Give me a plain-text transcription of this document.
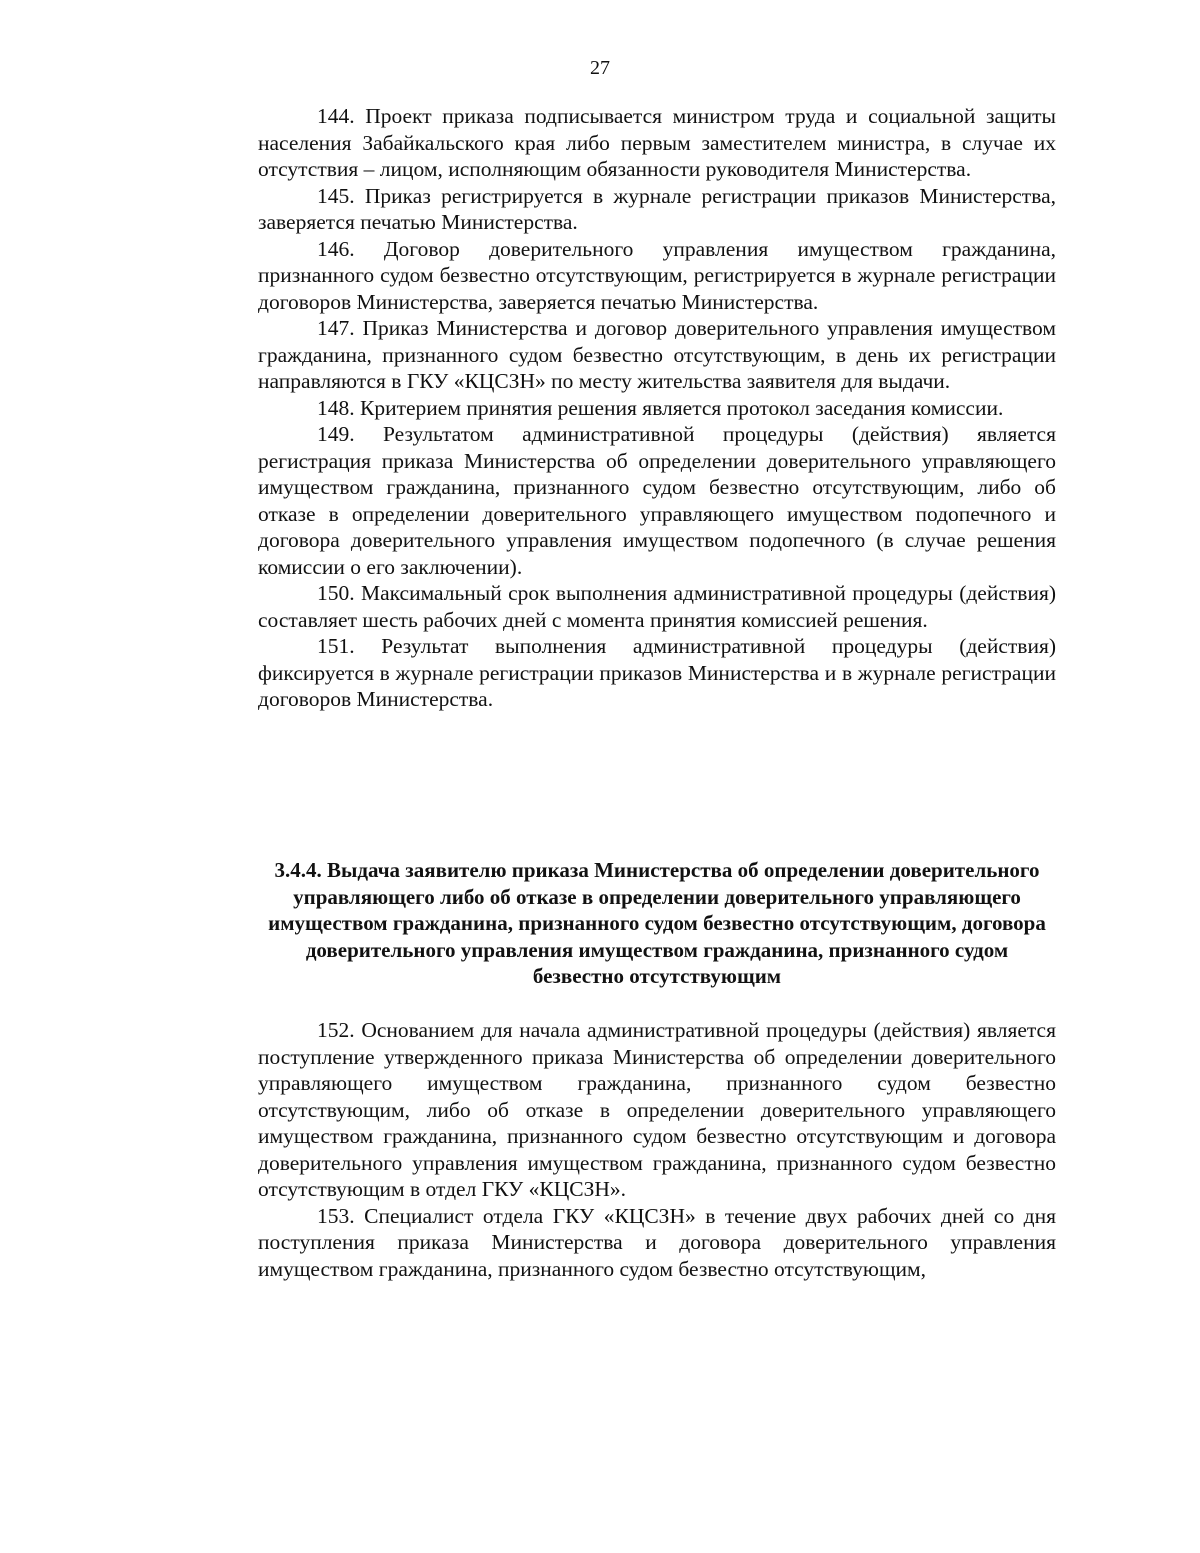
27

144. Проект приказа подписывается министром труда и социальной защиты населения Забайкальского края либо первым заместителем министра, в случае их отсутствия – лицом, исполняющим обязанности руководителя Министерства.

145. Приказ регистрируется в журнале регистрации приказов Министерства, заверяется печатью Министерства.

146. Договор доверительного управления имуществом гражданина, признанного судом безвестно отсутствующим, регистрируется в журнале регистрации договоров Министерства, заверяется печатью Министерства.

147. Приказ Министерства и договор доверительного управления имуществом гражданина, признанного судом безвестно отсутствующим, в день их регистрации направляются в ГКУ «КЦСЗН» по месту жительства заявителя для выдачи.

148. Критерием принятия решения является протокол заседания комиссии.

149. Результатом административной процедуры (действия) является регистрация приказа Министерства об определении доверительного управляющего имуществом гражданина, признанного судом безвестно отсутствующим, либо об отказе в определении доверительного управляющего имуществом подопечного и договора доверительного управления имуществом подопечного (в случае решения комиссии о его заключении).

150. Максимальный срок выполнения административной процедуры (действия) составляет шесть рабочих дней с момента принятия комиссией решения.

151. Результат выполнения административной процедуры (действия) фиксируется в журнале регистрации приказов Министерства и в журнале регистрации договоров Министерства.

3.4.4. Выдача заявителю приказа Министерства об определении доверительного управляющего либо об отказе в определении доверительного управляющего имуществом гражданина, признанного судом безвестно отсутствующим, договора доверительного управления имуществом гражданина, признанного судом безвестно отсутствующим

152. Основанием для начала административной процедуры (действия) является поступление утвержденного приказа Министерства об определении доверительного управляющего имуществом гражданина, признанного судом безвестно отсутствующим, либо об отказе в определении доверительного управляющего имуществом гражданина, признанного судом безвестно отсутствующим и договора доверительного управления имуществом гражданина, признанного судом безвестно отсутствующим в отдел ГКУ «КЦСЗН».

153. Специалист отдела ГКУ «КЦСЗН» в течение двух рабочих дней со дня поступления приказа Министерства и договора доверительного управления имуществом гражданина, признанного судом безвестно отсутствующим,
